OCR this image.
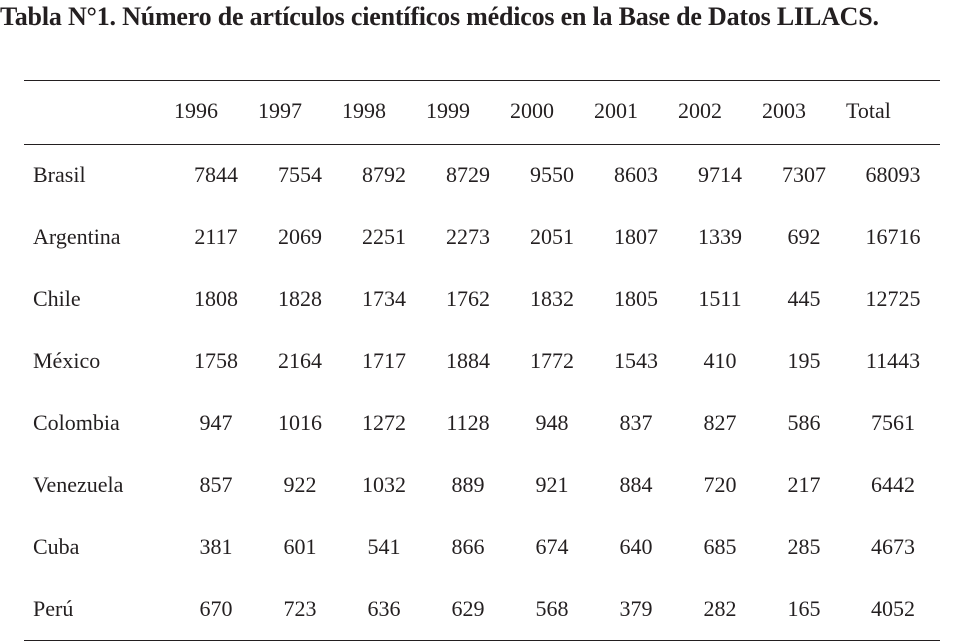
Tabla N°1. Número de artículos científicos médicos en la Base de Datos LILACS.
	1996	1997	1998	1999	2000	2001	2002	2003	Total
Brasil	7844	7554	8792	8729	9550	8603	9714	7307	68093
Argentina	2117	2069	2251	2273	2051	1807	1339	692	16716
Chile	1808	1828	1734	1762	1832	1805	1511	445	12725
México	1758	2164	1717	1884	1772	1543	410	195	11443
Colombia	947	1016	1272	1128	948	837	827	586	7561
Venezuela	857	922	1032	889	921	884	720	217	6442
Cuba	381	601	541	866	674	640	685	285	4673
Perú	670	723	636	629	568	379	282	165	4052
